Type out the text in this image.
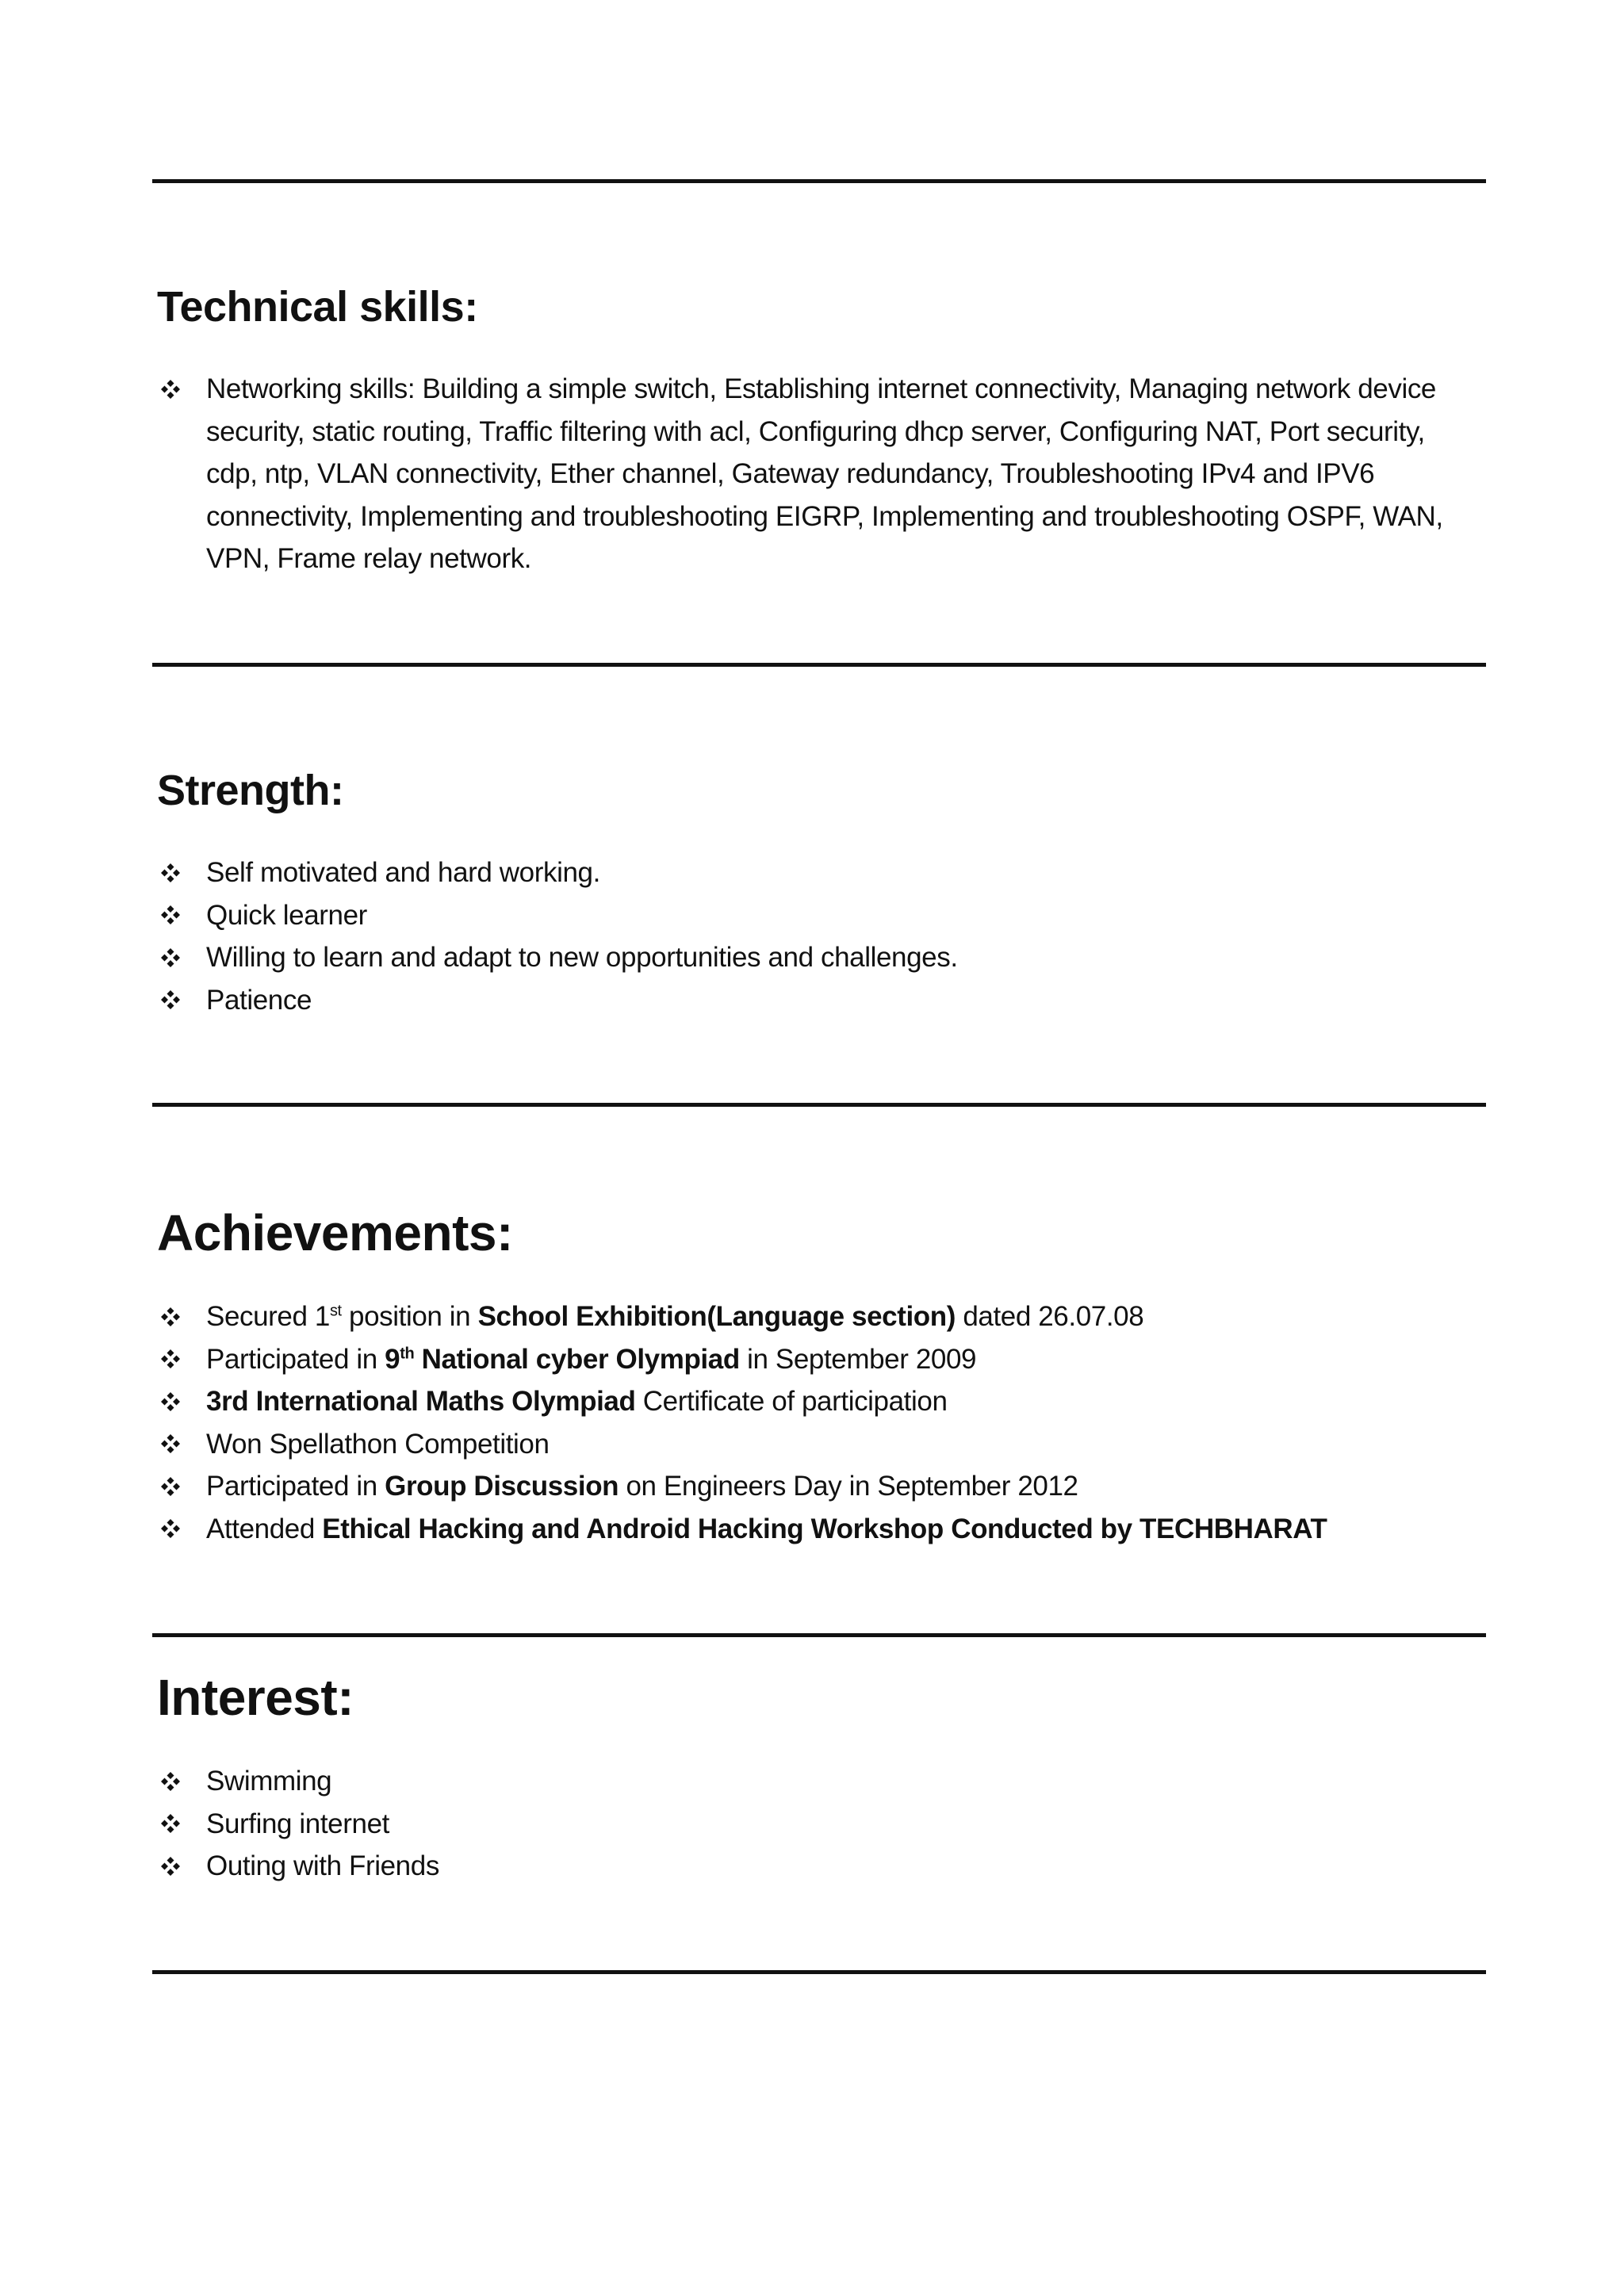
Technical skills:
Networking skills: Building a simple switch, Establishing internet connectivity, Managing network device security, static routing, Traffic filtering with acl, Configuring dhcp server, Configuring NAT, Port security, cdp, ntp, VLAN connectivity, Ether channel, Gateway redundancy, Troubleshooting IPv4 and IPV6 connectivity, Implementing and troubleshooting EIGRP, Implementing and troubleshooting OSPF, WAN, VPN, Frame relay network.
Strength:
Self motivated and hard working.
Quick learner
Willing to learn and adapt to new opportunities and challenges.
Patience
Achievements:
Secured 1st position in School Exhibition(Language section) dated 26.07.08
Participated in 9th National cyber Olympiad in September 2009
3rd International Maths Olympiad Certificate of participation
Won Spellathon Competition
Participated in Group Discussion on Engineers Day in September 2012
Attended Ethical Hacking and Android Hacking Workshop Conducted by TECHBHARAT
Interest:
Swimming
Surfing internet
Outing with Friends
